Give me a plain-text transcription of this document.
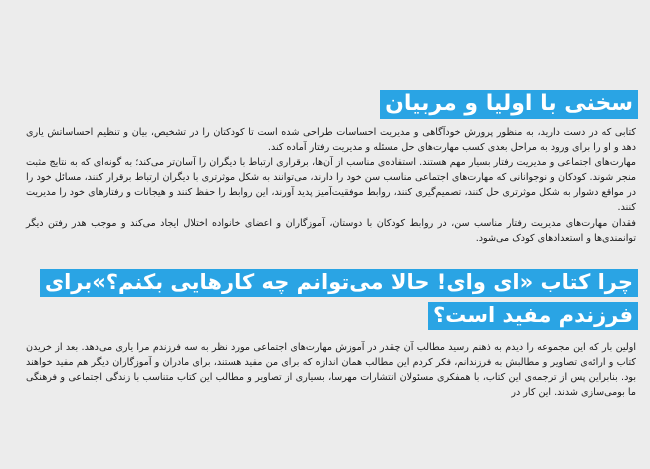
سخنی با اولیا و مربیان

کتابی که در دست دارید، به منظور پرورش خودآگاهی و مدیریت احساسات طراحی شده است تا کودکتان را در تشخیص، بیان و تنظیم احساساتش یاری دهد و او را برای ورود به مراحل بعدی کسب مهارت‌های حل مسئله و مدیریت رفتار آماده کند.

مهارت‌های اجتماعی و مدیریت رفتار بسیار مهم هستند. استفاده‌ی مناسب از آن‌ها، برقراری ارتباط با دیگران را آسان‌تر می‌کند؛ به گونه‌ای که به نتایج مثبت منجر شوند. کودکان و نوجوانانی که مهارت‌های اجتماعی مناسب سن خود را دارند، می‌توانند به شکل موثرتری با دیگران ارتباط برقرار کنند، مسائل خود را در مواقع دشوار به شکل موثرتری حل کنند، تصمیم‌گیری کنند، روابط موفقیت‌آمیز پدید آورند، این روابط را حفظ کنند و هیجانات و رفتارهای خود را مدیریت کنند.

فقدان مهارت‌های مدیریت رفتار مناسب سن، در روابط کودکان با دوستان، آموزگاران و اعضای خانواده اختلال ایجاد می‌کند و موجب هدر رفتن دیگر توانمندی‌ها و استعدادهای کودک می‌شود.

چرا کتاب «ای وای! حالا می‌توانم چه کارهایی بکنم؟»برای فرزندم مفید است؟

اولین بار که این مجموعه را دیدم به ذهنم رسید مطالب آن چقدر در آموزش مهارت‌های اجتماعی مورد نظر به سه فرزندم مرا یاری می‌دهد. بعد از خریدن کتاب و ارائه‌ی تصاویر و مطالبش به فرزندانم، فکر کردم این مطالب همان اندازه که برای من مفید هستند، برای مادران و آموزگاران دیگر هم مفید خواهند بود. بنابراین پس از ترجمه‌ی این کتاب، با همفکری مسئولان انتشارات مهرسا، بسیاری از تصاویر و مطالب این کتاب متناسب با زندگی اجتماعی و فرهنگی ما بومی‌سازی شدند. این کار در
